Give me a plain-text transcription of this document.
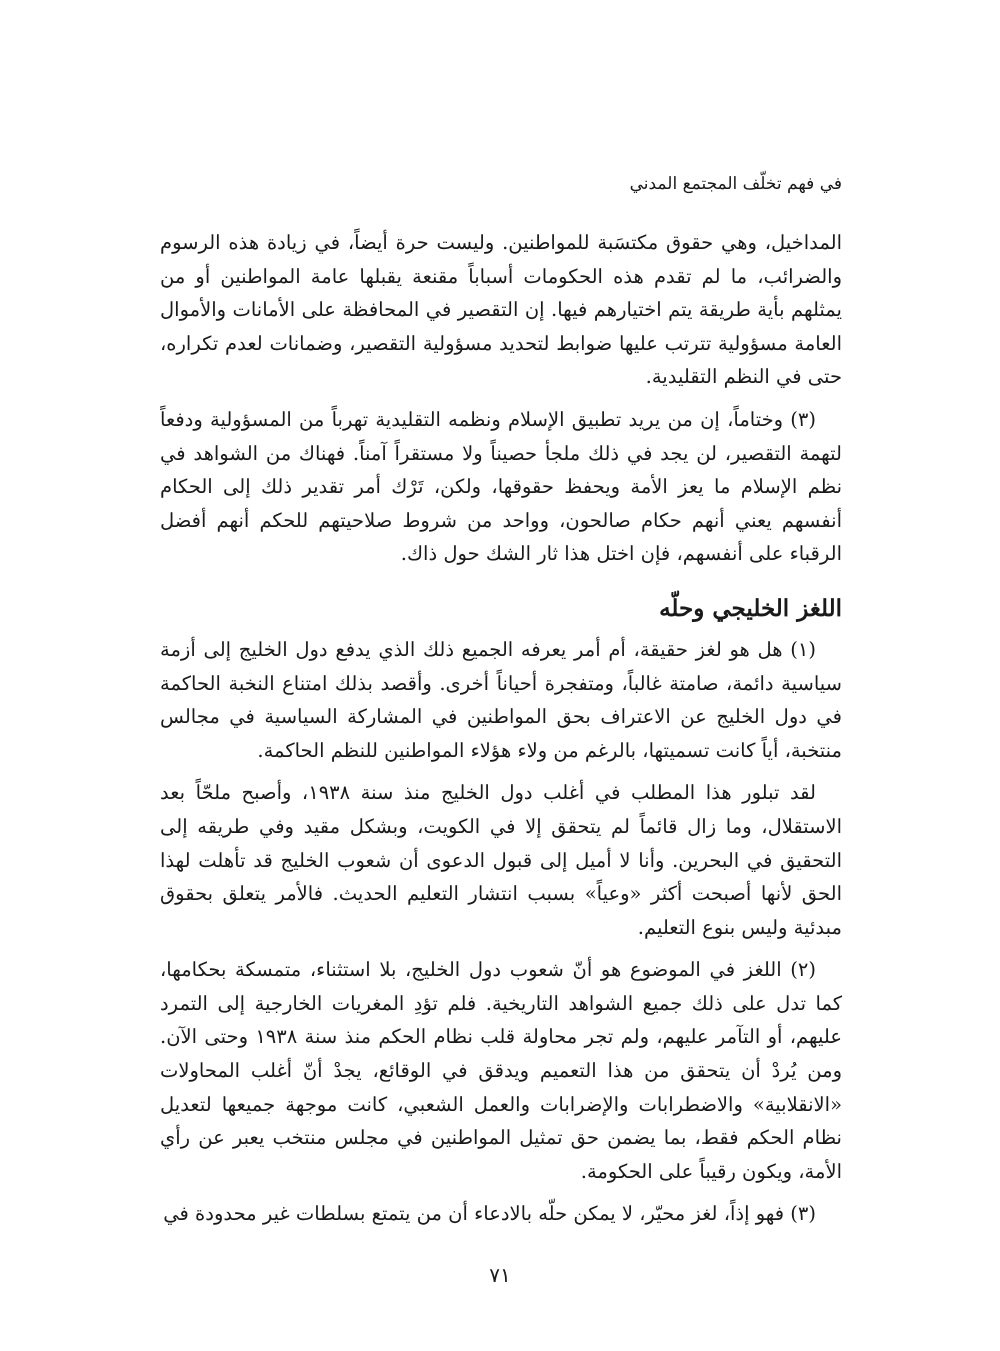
في فهم تخلّف المجتمع المدني

المداخيل، وهي حقوق مكتسَبة للمواطنين. وليست حرة أيضاً، في زيادة هذه الرسوم والضرائب، ما لم تقدم هذه الحكومات أسباباً مقنعة يقبلها عامة المواطنين أو من يمثلهم بأية طريقة يتم اختيارهم فيها. إن التقصير في المحافظة على الأمانات والأموال العامة مسؤولية تترتب عليها ضوابط لتحديد مسؤولية التقصير، وضمانات لعدم تكراره، حتى في النظم التقليدية.

(٣) وختاماً، إن من يريد تطبيق الإسلام ونظمه التقليدية تهرباً من المسؤولية ودفعاً لتهمة التقصير، لن يجد في ذلك ملجأ حصيناً ولا مستقراً آمناً. فهناك من الشواهد في نظم الإسلام ما يعز الأمة ويحفظ حقوقها، ولكن، تَرْك أمر تقدير ذلك إلى الحكام أنفسهم يعني أنهم حكام صالحون، وواحد من شروط صلاحيتهم للحكم أنهم أفضل الرقباء على أنفسهم، فإن اختل هذا ثار الشك حول ذاك.

اللغز الخليجي وحلّه

(١) هل هو لغز حقيقة، أم أمر يعرفه الجميع ذلك الذي يدفع دول الخليج إلى أزمة سياسية دائمة، صامتة غالباً، ومتفجرة أحياناً أخرى. وأقصد بذلك امتناع النخبة الحاكمة في دول الخليج عن الاعتراف بحق المواطنين في المشاركة السياسية في مجالس منتخبة، أياً كانت تسميتها، بالرغم من ولاء هؤلاء المواطنين للنظم الحاكمة.

لقد تبلور هذا المطلب في أغلب دول الخليج منذ سنة ١٩٣٨، وأصبح ملحّاً بعد الاستقلال، وما زال قائماً لم يتحقق إلا في الكويت، وبشكل مقيد وفي طريقه إلى التحقيق في البحرين. وأنا لا أميل إلى قبول الدعوى أن شعوب الخليج قد تأهلت لهذا الحق لأنها أصبحت أكثر «وعياً» بسبب انتشار التعليم الحديث. فالأمر يتعلق بحقوق مبدئية وليس بنوع التعليم.

(٢) اللغز في الموضوع هو أنّ شعوب دول الخليج، بلا استثناء، متمسكة بحكامها، كما تدل على ذلك جميع الشواهد التاريخية. فلم تؤدِ المغريات الخارجية إلى التمرد عليهم، أو التآمر عليهم، ولم تجر محاولة قلب نظام الحكم منذ سنة ١٩٣٨ وحتى الآن. ومن يُردْ أن يتحقق من هذا التعميم ويدقق في الوقائع، يجدْ أنّ أغلب المحاولات «الانقلابية» والاضطرابات والإضرابات والعمل الشعبي، كانت موجهة جميعها لتعديل نظام الحكم فقط، بما يضمن حق تمثيل المواطنين في مجلس منتخب يعبر عن رأي الأمة، ويكون رقيباً على الحكومة.

(٣) فهو إذاً، لغز محيّر، لا يمكن حلّه بالادعاء أن من يتمتع بسلطات غير محدودة في

٧١
